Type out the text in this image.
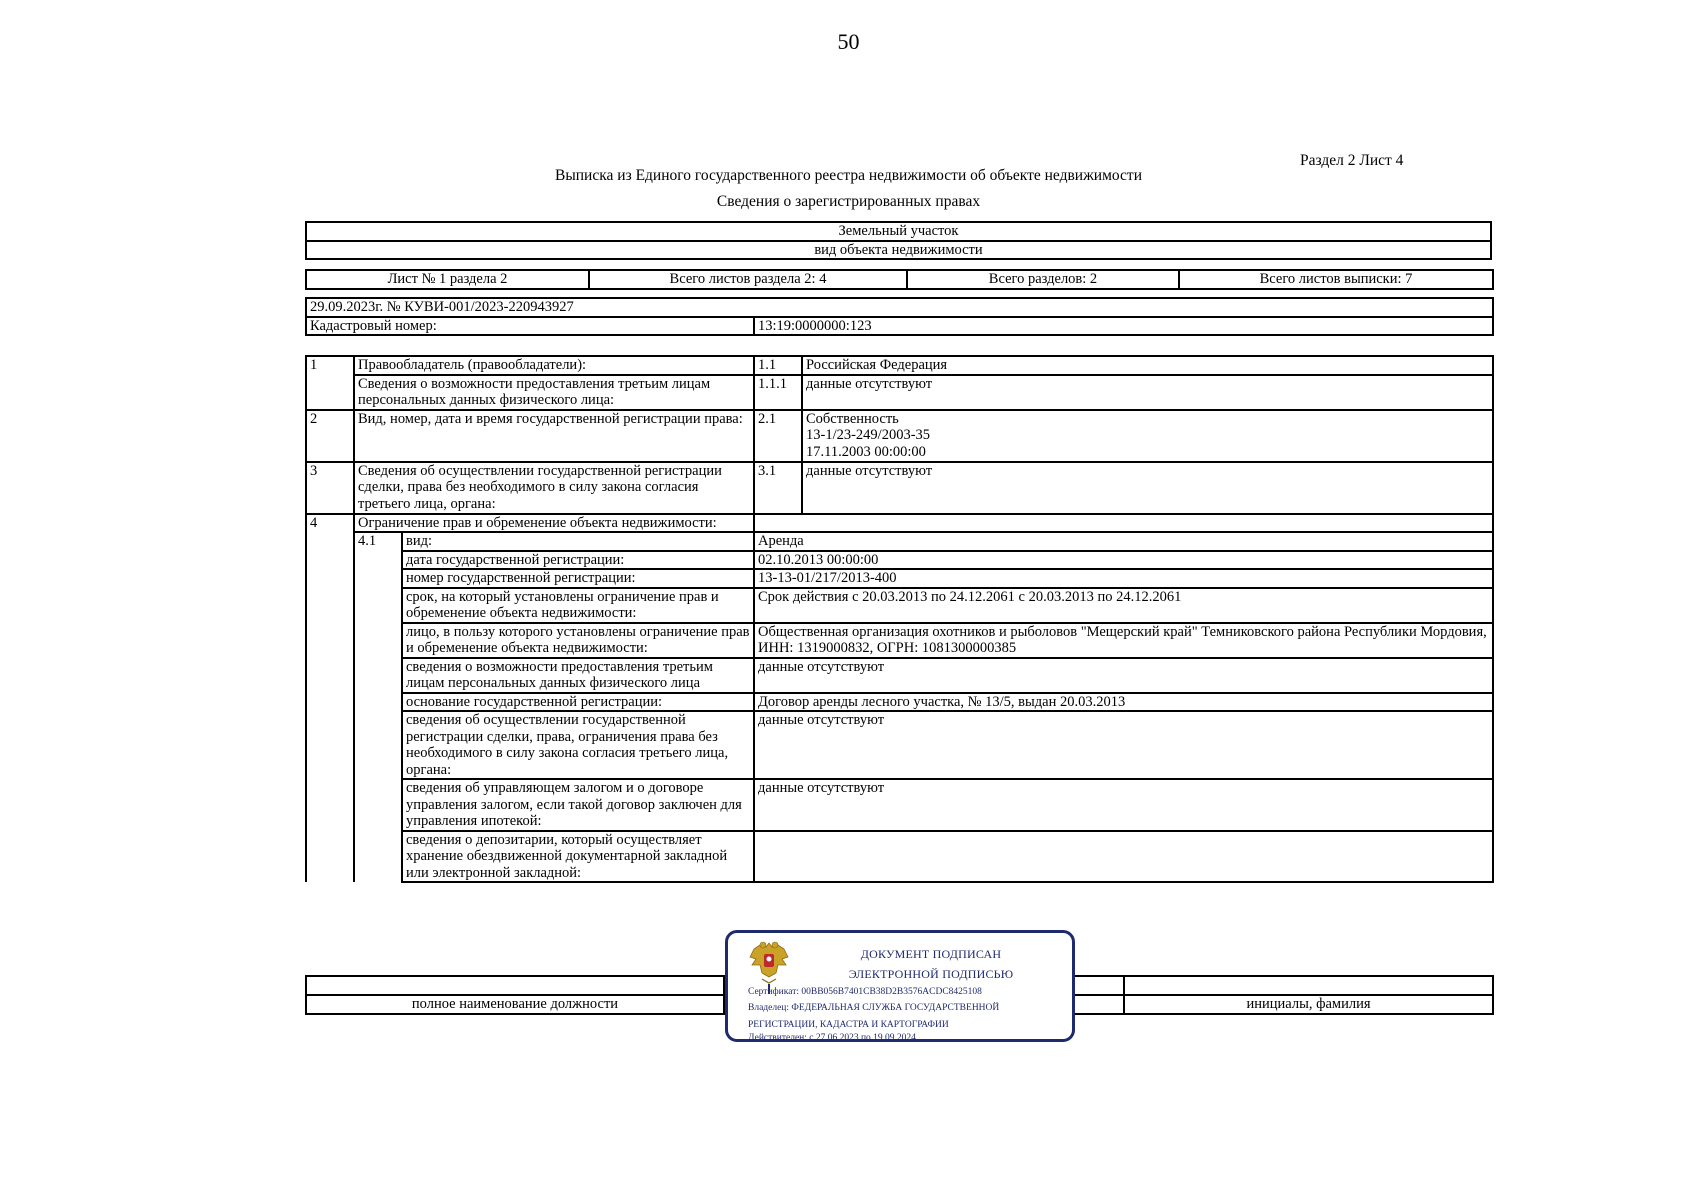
50
Раздел 2 Лист 4
Выписка из Единого государственного реестра недвижимости об объекте недвижимости
Сведения о зарегистрированных правах
Земельный участок
вид объекта недвижимости
Лист № 1 раздела 2	Всего листов раздела 2: 4	Всего разделов: 2	Всего листов выписки: 7
29.09.2023г. № КУВИ-001/2023-220943927
Кадастровый номер:	13:19:0000000:123
1	Правообладатель (правообладатели):		1.1	Российская Федерация
	Сведения о возможности предоставления третьим лицам персональных данных физического лица:		1.1.1	данные отсутствуют
2	Вид, номер, дата и время государственной регистрации права:		2.1	Собственность
13-1/23-249/2003-35
17.11.2003 00:00:00

3	Сведения об осуществлении государственной регистрации сделки, права без необходимого в силу закона согласия третьего лица, органа:		3.1	данные отсутствуют
4	Ограничение прав и обременение объекта недвижимости:			
	4.1	вид:	Аренда	
		дата государственной регистрации:	02.10.2013 00:00:00	
		номер государственной регистрации:	13-13-01/217/2013-400	
		срок, на который установлены ограничение прав и обременение объекта недвижимости:	Срок действия с 20.03.2013 по 24.12.2061 с 20.03.2013 по 24.12.2061	
		лицо, в пользу которого установлены ограничение прав и обременение объекта недвижимости:	Общественная организация охотников и рыболовов "Мещерский край" Темниковского района Республики Мордовия, ИНН: 1319000832, ОГРН: 1081300000385	
		сведения о возможности предоставления третьим лицам персональных данных физического лица	данные отсутствуют	
		основание государственной регистрации:	Договор аренды лесного участка, № 13/5, выдан 20.03.2013	
		сведения об осуществлении государственной регистрации сделки, права, ограничения права без необходимого в силу закона согласия третьего лица, органа:	данные отсутствуют	
		сведения об управляющем залогом и о договоре управления залогом, если такой договор заключен для управления ипотекой:	данные отсутствуют	
		сведения о депозитарии, который осуществляет хранение обездвиженной документарной закладной или электронной закладной:		

полное наименование должности		инициалы, фамилия
ДОКУМЕНТ ПОДПИСАН
ЭЛЕКТРОННОЙ ПОДПИСЬЮ
Сертификат: 00BB056B7401CB38D2B3576ACDC8425108
Владелец: ФЕДЕРАЛЬНАЯ СЛУЖБА ГОСУДАРСТВЕННОЙ
РЕГИСТРАЦИИ, КАДАСТРА И КАРТОГРАФИИ
Действителен: с 27.06.2023 по 19.09.2024
